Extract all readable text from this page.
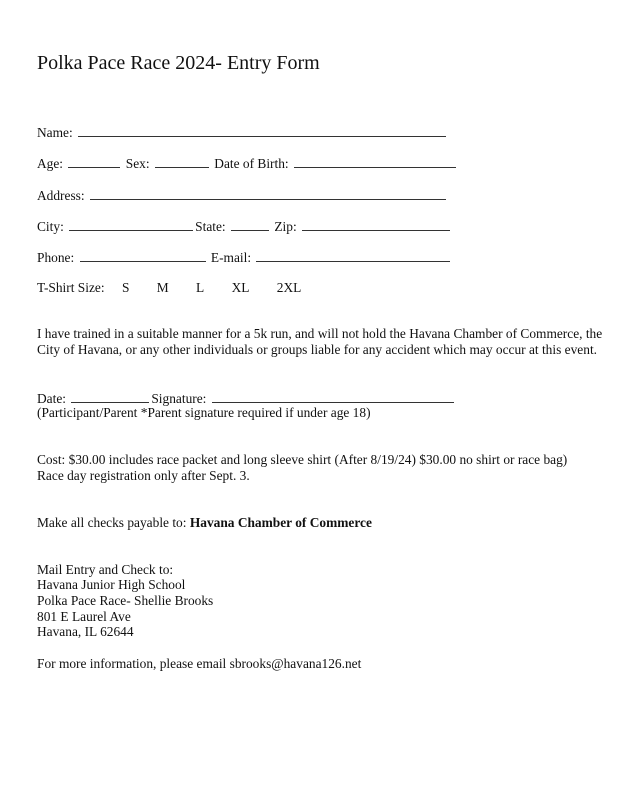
Polka Pace Race 2024- Entry Form
Name:
Age:	Sex:	Date of Birth:
Address:
City:	State:	Zip:
Phone:	E-mail:
T-Shirt Size: S M L XL 2XL
I have trained in a suitable manner for a 5k run, and will not hold the Havana Chamber of Commerce, the City of Havana, or any other individuals or groups liable for any accident which may occur at this event.
Date:	Signature:
(Participant/Parent *Parent signature required if under age 18)
Cost: $30.00 includes race packet and long sleeve shirt (After 8/19/24) $30.00 no shirt or race bag)
Race day registration only after Sept. 3.
Make all checks payable to: Havana Chamber of Commerce
Mail Entry and Check to:
Havana Junior High School
Polka Pace Race- Shellie Brooks
801 E Laurel Ave
Havana, IL 62644
For more information, please email sbrooks@havana126.net
